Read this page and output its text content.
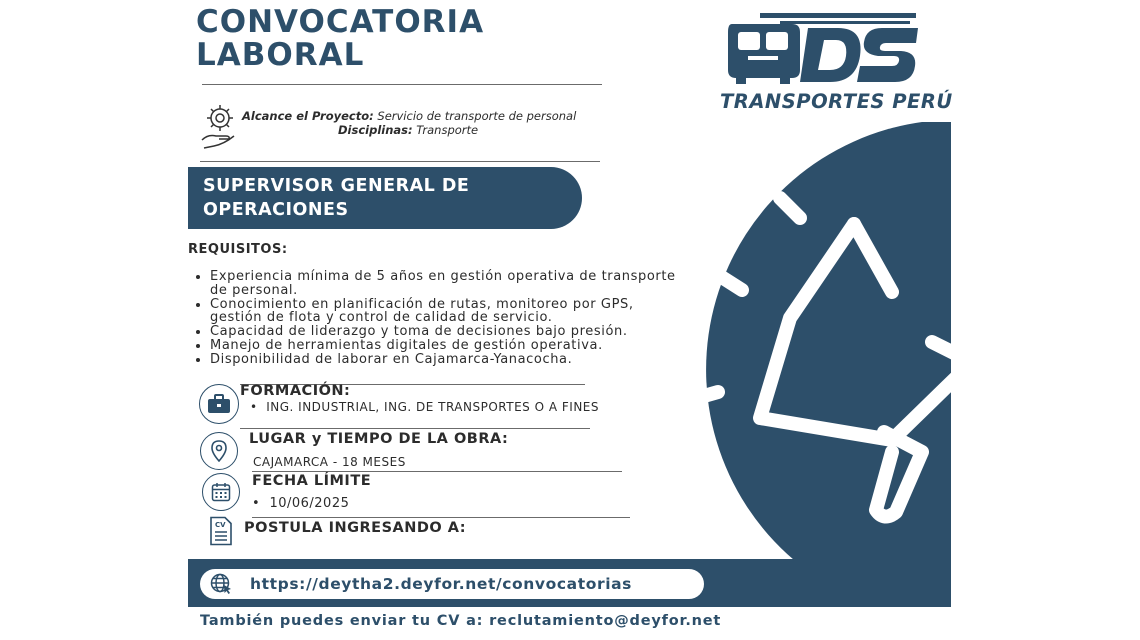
CONVOCATORIA
LABORAL
TRANSPORTES PERÚ
Alcance el Proyecto: Servicio de transporte de personal
Disciplinas: Transporte
SUPERVISOR GENERAL DE
OPERACIONES
REQUISITOS:
• Experiencia mínima de 5 años en gestión operativa de transporte de personal.
• Conocimiento en planificación de rutas, monitoreo por GPS, gestión de flota y control de calidad de servicio.
• Capacidad de liderazgo y toma de decisiones bajo presión.
• Manejo de herramientas digitales de gestión operativa.
• Disponibilidad de laborar en Cajamarca-Yanacocha.
FORMACIÓN:
•  ING. INDUSTRIAL, ING. DE TRANSPORTES O A FINES
LUGAR y TIEMPO DE LA OBRA:
CAJAMARCA - 18 MESES
FECHA LÍMITE
•  10/06/2025
CV POSTULA INGRESANDO A:
https://deytha2.deyfor.net/convocatorias
También puedes enviar tu CV a: reclutamiento@deyfor.net
